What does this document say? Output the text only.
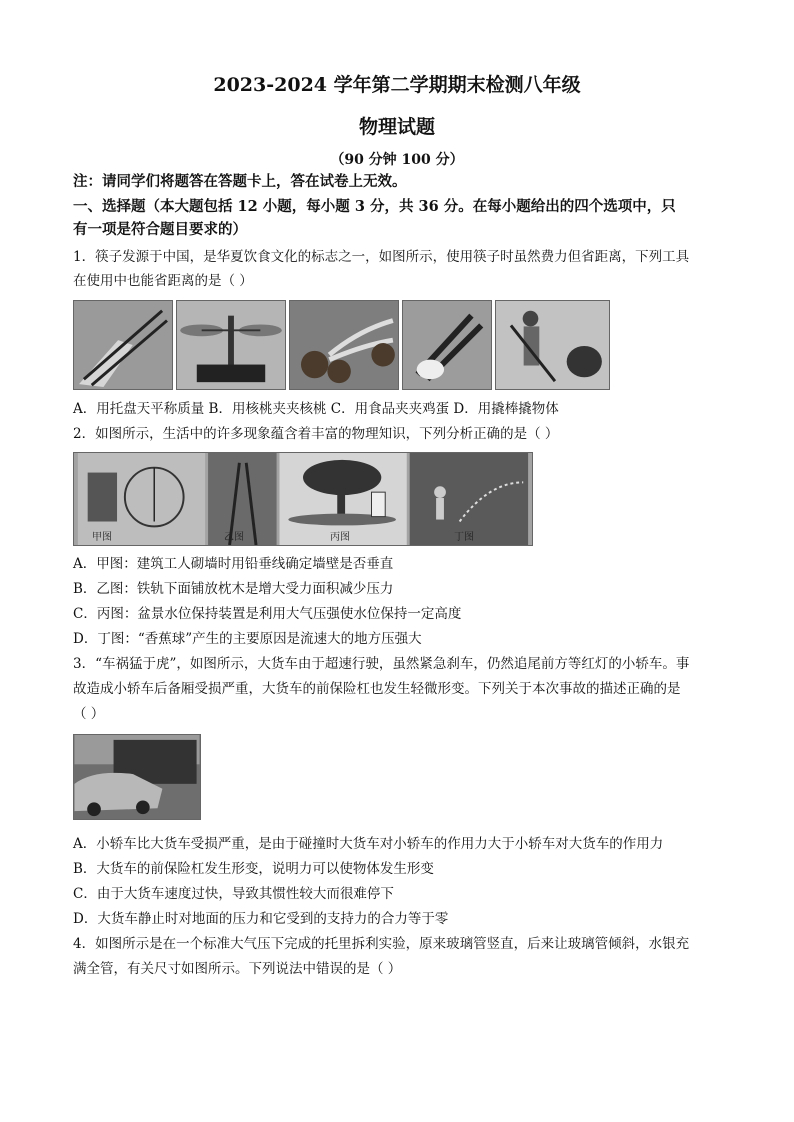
2023-2024 学年第二学期期末检测八年级
物理试题
（90 分钟 100 分）
注：请同学们将题答在答题卡上，答在试卷上无效。
一、选择题（本大题包括 12 小题，每小题 3 分，共 36 分。在每小题给出的四个选项中，只
有一项是符合题目要求的）
1．筷子发源于中国，是华夏饮食文化的标志之一，如图所示，使用筷子时虽然费力但省距离，下列工具
在使用中也能省距离的是（ ）
A．用托盘天平称质量 B．用核桃夹夹核桃 C．用食品夹夹鸡蛋 D．用撬棒撬物体
2．如图所示，生活中的许多现象蕴含着丰富的物理知识，下列分析正确的是（ ）
甲图	乙图	丙图	丁图
A．甲图：建筑工人砌墙时用铅垂线确定墙壁是否垂直
B．乙图：铁轨下面铺放枕木是增大受力面积减少压力
C．丙图：盆景水位保持装置是利用大气压强使水位保持一定高度
D．丁图：“香蕉球”产生的主要原因是流速大的地方压强大
3．“车祸猛于虎”，如图所示，大货车由于超速行驶，虽然紧急刹车，仍然追尾前方等红灯的小轿车。事
故造成小轿车后备厢受损严重，大货车的前保险杠也发生轻微形变。下列关于本次事故的描述正确的是
（ ）
A．小轿车比大货车受损严重，是由于碰撞时大货车对小轿车的作用力大于小轿车对大货车的作用力
B．大货车的前保险杠发生形变，说明力可以使物体发生形变
C．由于大货车速度过快，导致其惯性较大而很难停下
D．大货车静止时对地面的压力和它受到的支持力的合力等于零
4．如图所示是在一个标准大气压下完成的托里拆利实验，原来玻璃管竖直，后来让玻璃管倾斜，水银充
满全管，有关尺寸如图所示。下列说法中错误的是（ ）
